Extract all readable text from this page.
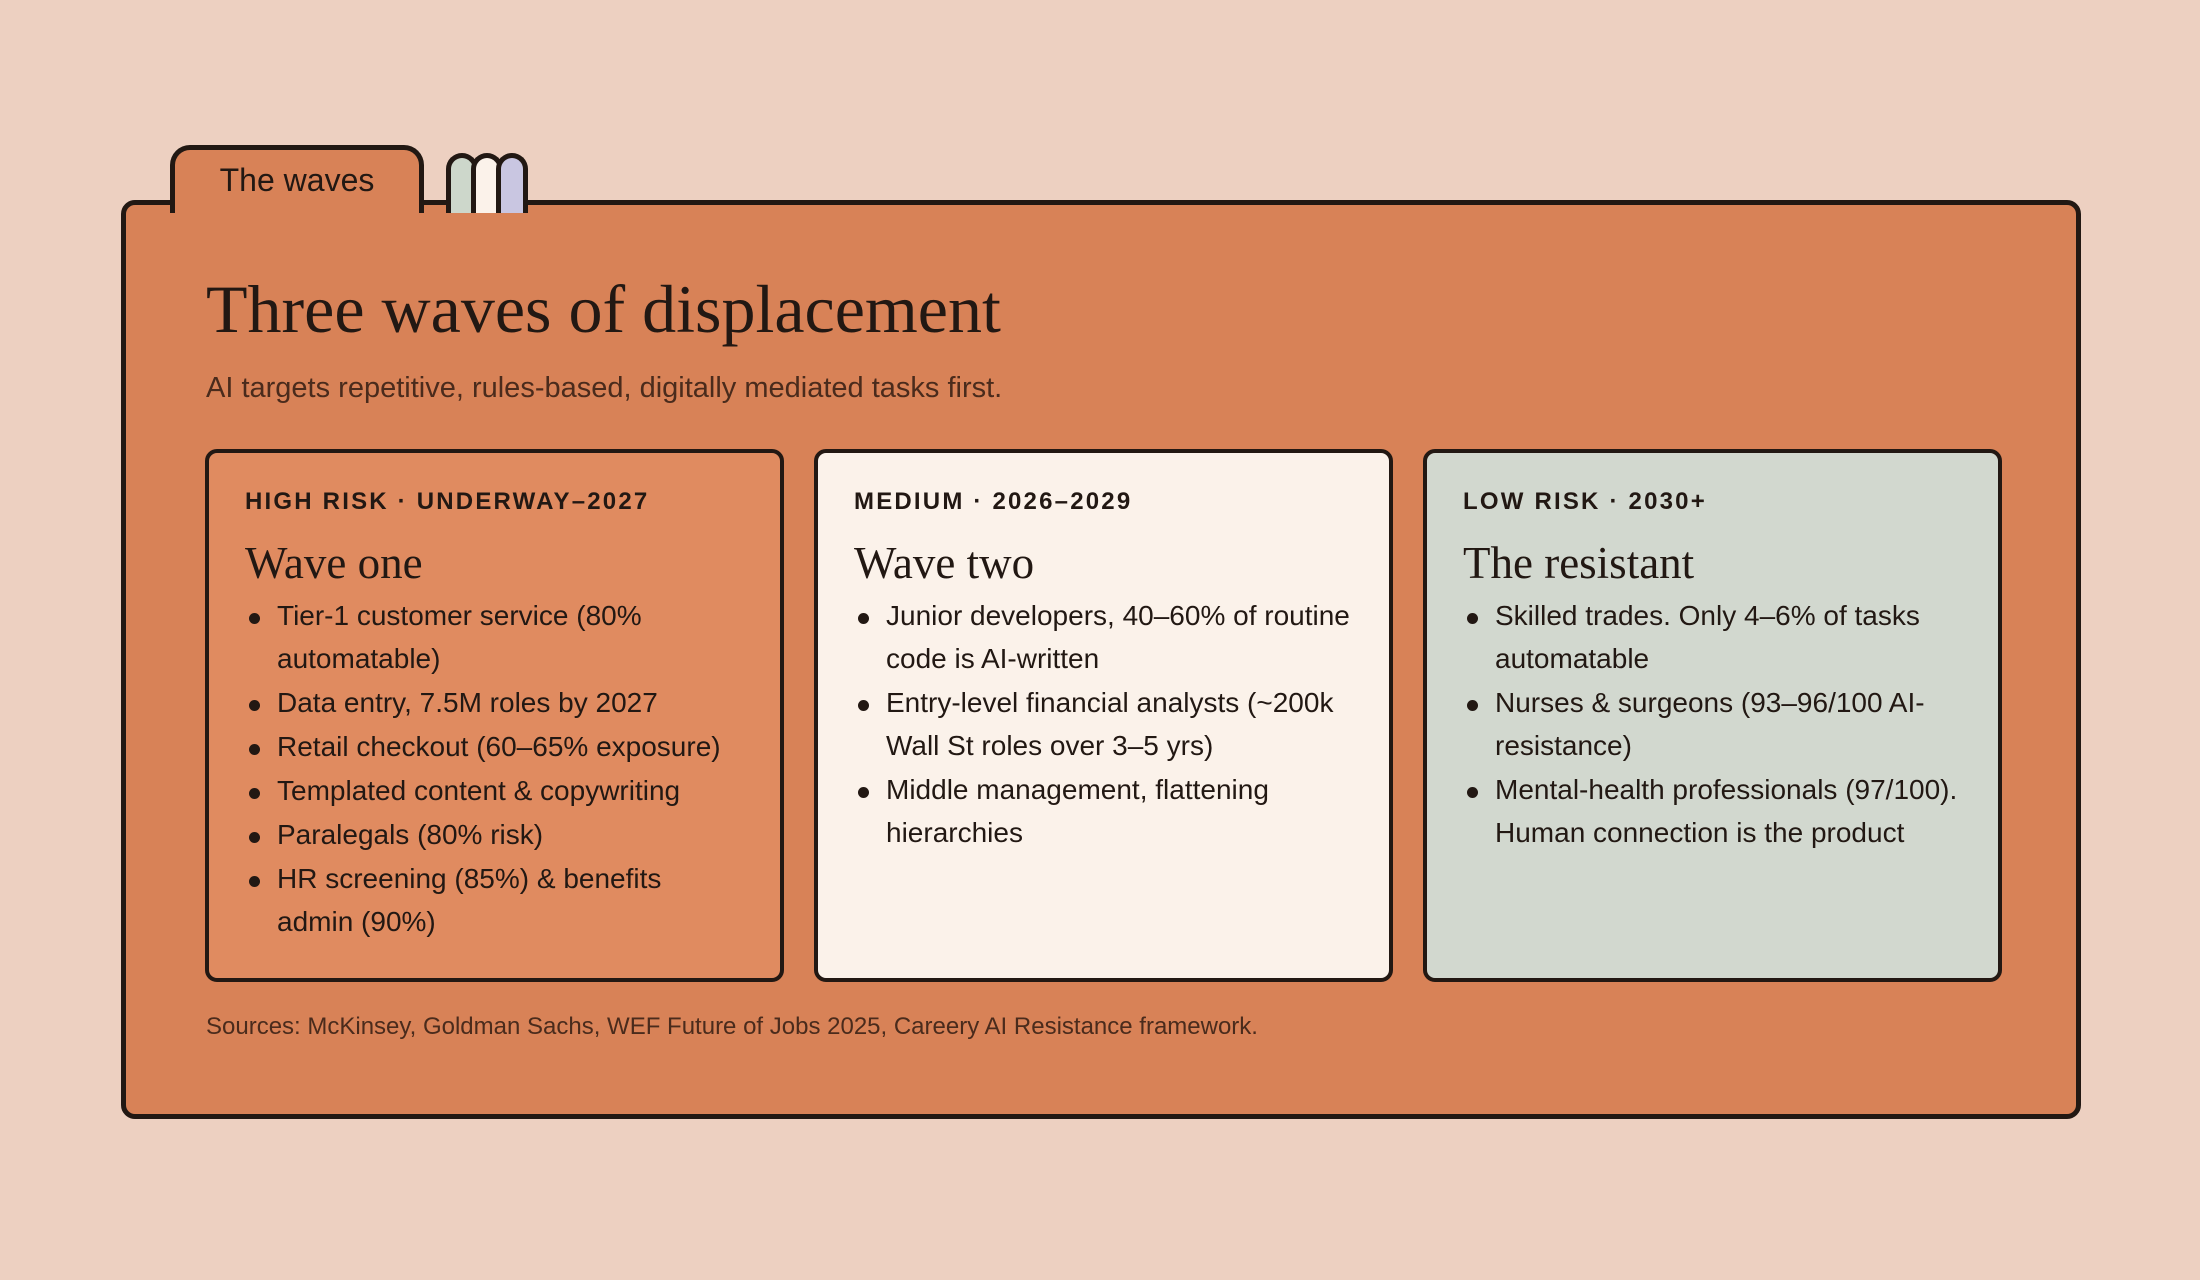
The waves
Three waves of displacement
AI targets repetitive, rules-based, digitally mediated tasks first.
HIGH RISK · UNDERWAY–2027
Wave one
Tier-1 customer service (80% automatable)
Data entry, 7.5M roles by 2027
Retail checkout (60–65% exposure)
Templated content & copywriting
Paralegals (80% risk)
HR screening (85%) & benefits admin (90%)
MEDIUM · 2026–2029
Wave two
Junior developers, 40–60% of routine code is AI-written
Entry-level financial analysts (~200k Wall St roles over 3–5 yrs)
Middle management, flattening hierarchies
LOW RISK · 2030+
The resistant
Skilled trades. Only 4–6% of tasks automatable
Nurses & surgeons (93–96/100 AI-resistance)
Mental-health professionals (97/100). Human connection is the product
Sources: McKinsey, Goldman Sachs, WEF Future of Jobs 2025, Careery AI Resistance framework.
